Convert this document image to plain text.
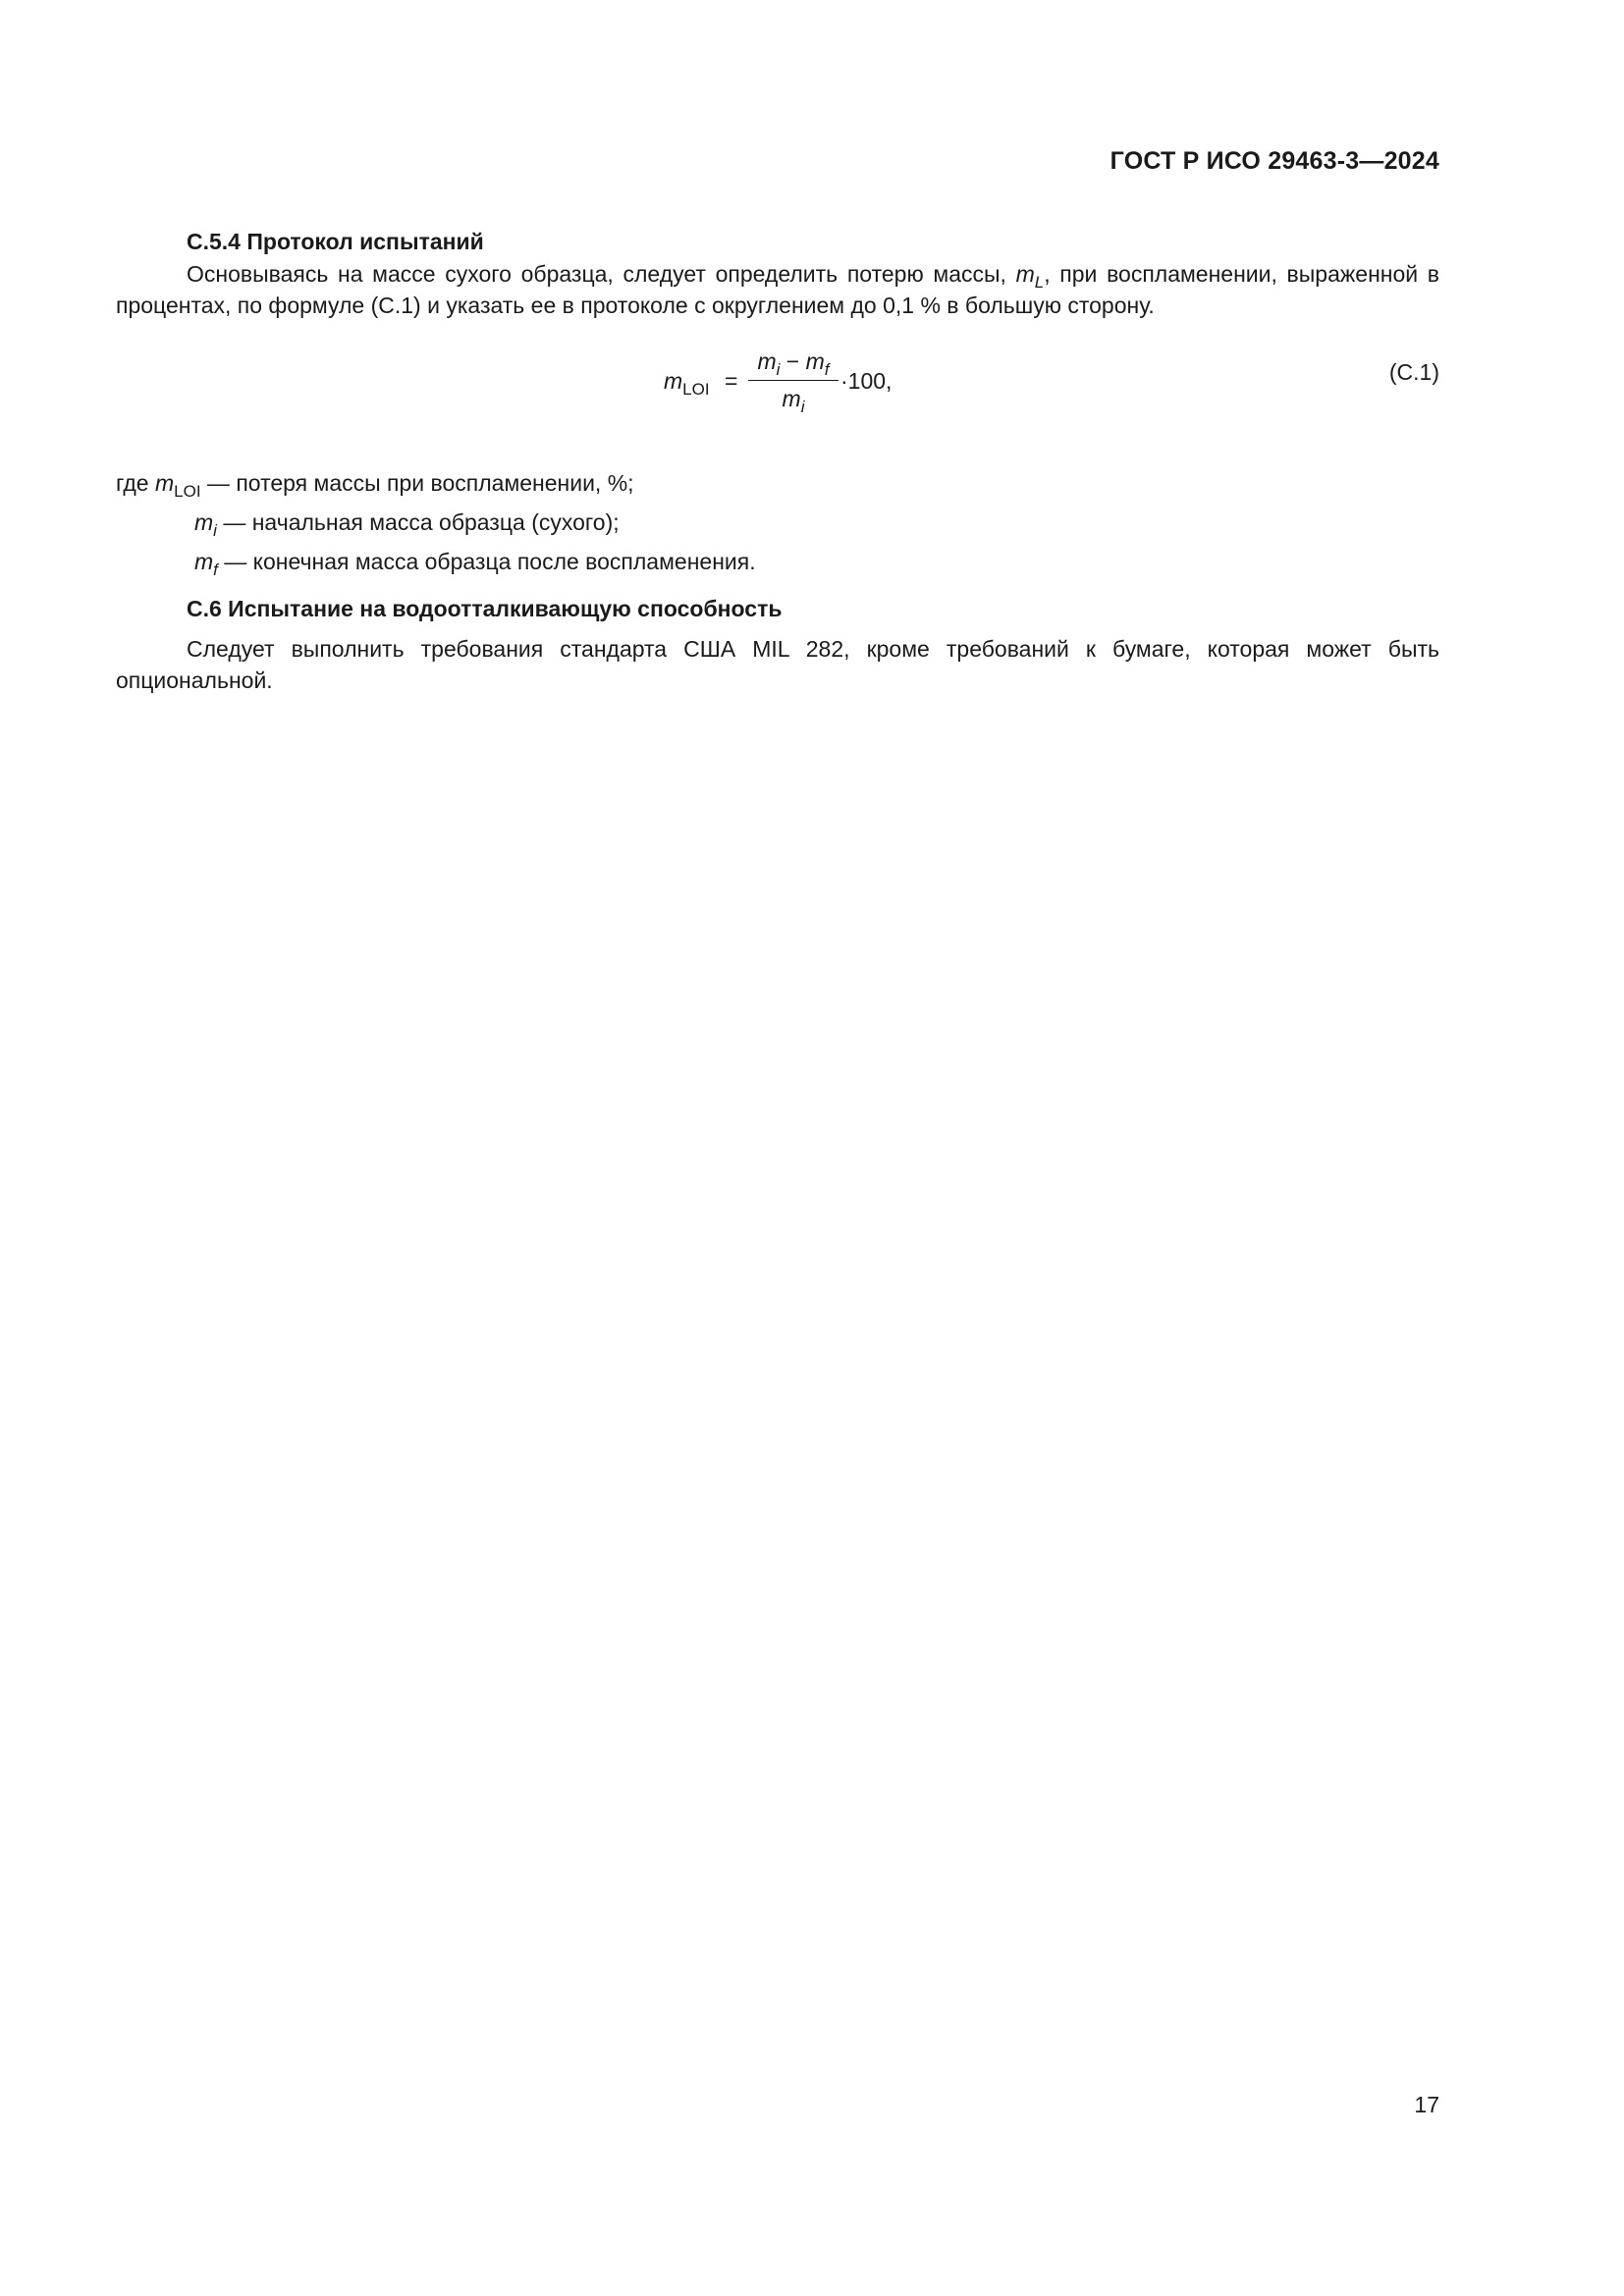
ГОСТ Р ИСО 29463-3—2024
С.5.4 Протокол испытаний
Основываясь на массе сухого образца, следует определить потерю массы, $m_L$, при воспламенении, выраженной в процентах, по формуле (С.1) и указать ее в протоколе с округлением до 0,1 % в большую сторону.
$m_{LOI}$ =
$m_i - m_f$
$m_i$
·100,	(С.1)
где $m_{LOI}$ — потеря массы при воспламенении, %;
$m_i$ — начальная масса образца (сухого);
$m_f$ — конечная масса образца после воспламенения.
С.6 Испытание на водоотталкивающую способность
Следует выполнить требования стандарта США MIL 282, кроме требований к бумаге, которая может быть опциональной.
17
